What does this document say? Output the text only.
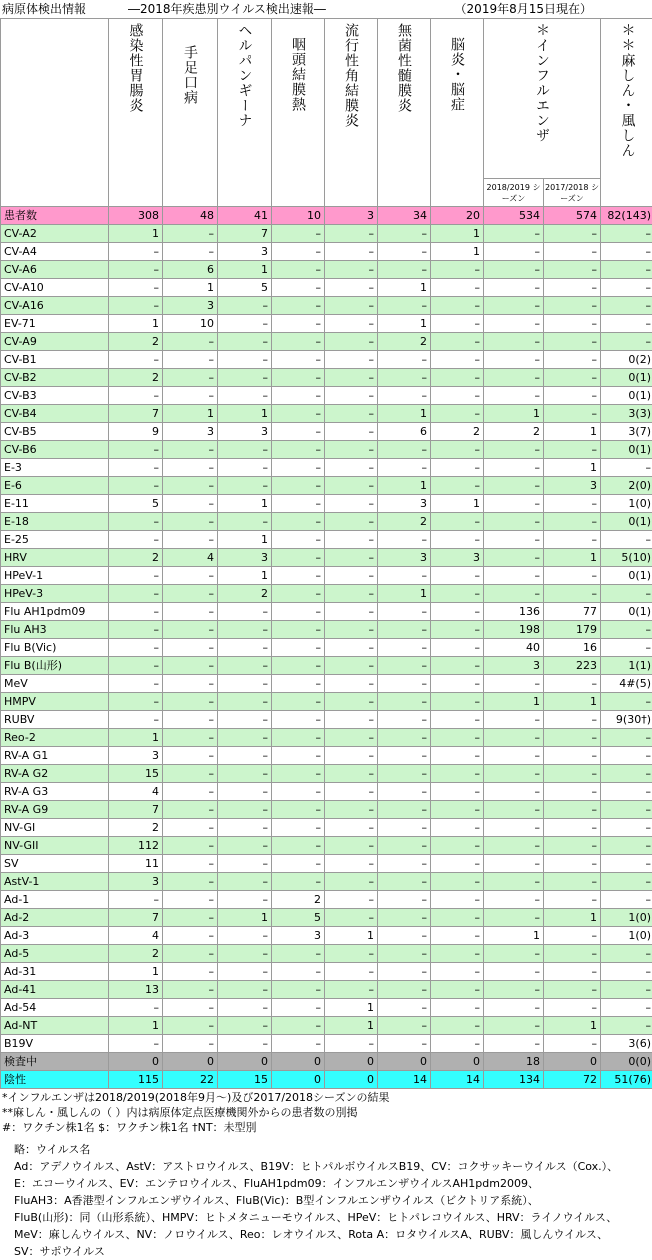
病原体検出情報	―2018年疾患別ウイルス検出速報―	（2019年8月15日現在）
	感染性胃腸炎	手足口病	ヘルパンギーナ	咽頭結膜熱	流行性角結膜炎	無菌性髄膜炎	脳炎・脳症	＊インフルエンザ		＊＊麻しん・風しん
								2018/2019 シーズン	2017/2018 シーズン	
患者数	308	48	41	10	3	34	20	534	574	82(143)
CV-A2	1	–	7	–	–	–	1	–	–	–
CV-A4	–	–	3	–	–	–	1	–	–	–
CV-A6	–	6	1	–	–	–	–	–	–	–
CV-A10	–	1	5	–	–	1	–	–	–	–
CV-A16	–	3	–	–	–	–	–	–	–	–
EV-71	1	10	–	–	–	1	–	–	–	–
CV-A9	2	–	–	–	–	2	–	–	–	–
CV-B1	–	–	–	–	–	–	–	–	–	0(2)
CV-B2	2	–	–	–	–	–	–	–	–	0(1)
CV-B3	–	–	–	–	–	–	–	–	–	0(1)
CV-B4	7	1	1	–	–	1	–	1	–	3(3)
CV-B5	9	3	3	–	–	6	2	2	1	3(7)
CV-B6	–	–	–	–	–	–	–	–	–	0(1)
E-3	–	–	–	–	–	–	–	–	1	–
E-6	–	–	–	–	–	1	–	–	3	2(0)
E-11	5	–	1	–	–	3	1	–	–	1(0)
E-18	–	–	–	–	–	2	–	–	–	0(1)
E-25	–	–	1	–	–	–	–	–	–	–
HRV	2	4	3	–	–	3	3	–	1	5(10)
HPeV-1	–	–	1	–	–	–	–	–	–	0(1)
HPeV-3	–	–	2	–	–	1	–	–	–	–
Flu AH1pdm09	–	–	–	–	–	–	–	136	77	0(1)
Flu AH3	–	–	–	–	–	–	–	198	179	–
Flu B(Vic)	–	–	–	–	–	–	–	40	16	–
Flu B(山形)	–	–	–	–	–	–	–	3	223	1(1)
MeV	–	–	–	–	–	–	–	–	–	4#(5)
HMPV	–	–	–	–	–	–	–	1	1	–
RUBV	–	–	–	–	–	–	–	–	–	9(30†)
Reo-2	1	–	–	–	–	–	–	–	–	–
RV-A G1	3	–	–	–	–	–	–	–	–	–
RV-A G2	15	–	–	–	–	–	–	–	–	–
RV-A G3	4	–	–	–	–	–	–	–	–	–
RV-A G9	7	–	–	–	–	–	–	–	–	–
NV-GI	2	–	–	–	–	–	–	–	–	–
NV-GII	112	–	–	–	–	–	–	–	–	–
SV	11	–	–	–	–	–	–	–	–	–
AstV-1	3	–	–	–	–	–	–	–	–	–
Ad-1	–	–	–	2	–	–	–	–	–	–
Ad-2	7	–	1	5	–	–	–	–	1	1(0)
Ad-3	4	–	–	3	1	–	–	1	–	1(0)
Ad-5	2	–	–	–	–	–	–	–	–	–
Ad-31	1	–	–	–	–	–	–	–	–	–
Ad-41	13	–	–	–	–	–	–	–	–	–
Ad-54	–	–	–	–	1	–	–	–	–	–
Ad-NT	1	–	–	–	1	–	–	–	1	–
B19V	–	–	–	–	–	–	–	–	–	3(6)
検査中	0	0	0	0	0	0	0	18	0	0(0)
陰性	115	22	15	0	0	14	14	134	72	51(76)
*インフルエンザは2018/2019(2018年9月～)及び2017/2018シーズンの結果
**麻しん・風しんの（ ）内は病原体定点医療機関外からの患者数の別掲
#：ワクチン株1名 $：ワクチン株1名 †NT：未型別
略：ウイルス名
Ad：アデノウイルス、AstV：アストロウイルス、B19V：ヒトパルボウイルスB19、CV：コクサッキーウイルス（Cox.）、
E：エコーウイルス、EV：エンテロウイルス、FluAH1pdm09：インフルエンザウイルスAH1pdm2009、
FluAH3：A香港型インフルエンザウイルス、FluB(Vic)：B型インフルエンザウイルス（ビクトリア系統）、
FluB(山形)：同（山形系統）、HMPV：ヒトメタニューモウイルス、HPeV：ヒトパレコウイルス、HRV：ライノウイルス、
MeV：麻しんウイルス、NV：ノロウイルス、Reo：レオウイルス、Rota A：ロタウイルスA、RUBV：風しんウイルス、
SV：サポウイルス
